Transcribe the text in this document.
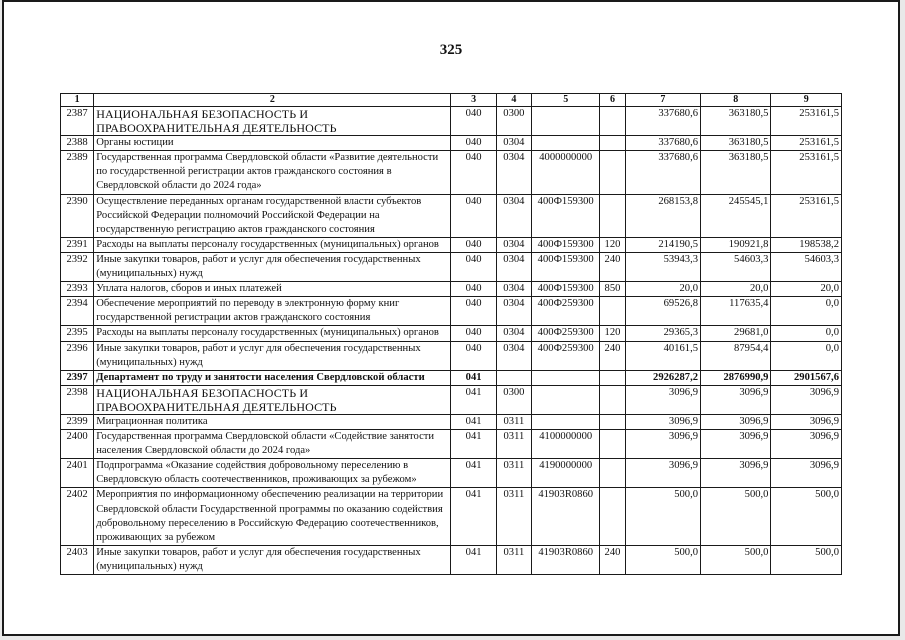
325
1	2	3	4	5	6	7	8	9
2387	НАЦИОНАЛЬНАЯ БЕЗОПАСНОСТЬ И ПРАВООХРАНИТЕЛЬНАЯ ДЕЯТЕЛЬНОСТЬ	040	0300			337680,6	363180,5	253161,5
2388	Органы юстиции	040	0304			337680,6	363180,5	253161,5
2389	Государственная программа Свердловской области «Развитие деятельности по государственной регистрации актов гражданского состояния в Свердловской области до 2024 года»	040	0304	4000000000		337680,6	363180,5	253161,5
2390	Осуществление переданных органам государственной власти субъектов Российской Федерации полномочий Российской Федерации на государственную регистрацию актов гражданского состояния	040	0304	400Ф159300		268153,8	245545,1	253161,5
2391	Расходы на выплаты персоналу государственных (муниципальных) органов	040	0304	400Ф159300	120	214190,5	190921,8	198538,2
2392	Иные закупки товаров, работ и услуг для обеспечения государственных (муниципальных) нужд	040	0304	400Ф159300	240	53943,3	54603,3	54603,3
2393	Уплата налогов, сборов и иных платежей	040	0304	400Ф159300	850	20,0	20,0	20,0
2394	Обеспечение мероприятий по переводу в электронную форму книг государственной регистрации актов гражданского состояния	040	0304	400Ф259300		69526,8	117635,4	0,0
2395	Расходы на выплаты персоналу государственных (муниципальных) органов	040	0304	400Ф259300	120	29365,3	29681,0	0,0
2396	Иные закупки товаров, работ и услуг для обеспечения государственных (муниципальных) нужд	040	0304	400Ф259300	240	40161,5	87954,4	0,0
2397	Департамент по труду и занятости населения Свердловской области	041				2926287,2	2876990,9	2901567,6
2398	НАЦИОНАЛЬНАЯ БЕЗОПАСНОСТЬ И ПРАВООХРАНИТЕЛЬНАЯ ДЕЯТЕЛЬНОСТЬ	041	0300			3096,9	3096,9	3096,9
2399	Миграционная политика	041	0311			3096,9	3096,9	3096,9
2400	Государственная программа Свердловской области «Содействие занятости населения Свердловской области до 2024 года»	041	0311	4100000000		3096,9	3096,9	3096,9
2401	Подпрограмма «Оказание содействия добровольному переселению в Свердловскую область соотечественников, проживающих за рубежом»	041	0311	4190000000		3096,9	3096,9	3096,9
2402	Мероприятия по информационному обеспечению реализации на территории Свердловской области Государственной программы по оказанию содействия добровольному переселению в Российскую Федерацию соотечественников, проживающих за рубежом	041	0311	41903R0860		500,0	500,0	500,0
2403	Иные закупки товаров, работ и услуг для обеспечения государственных (муниципальных) нужд	041	0311	41903R0860	240	500,0	500,0	500,0
